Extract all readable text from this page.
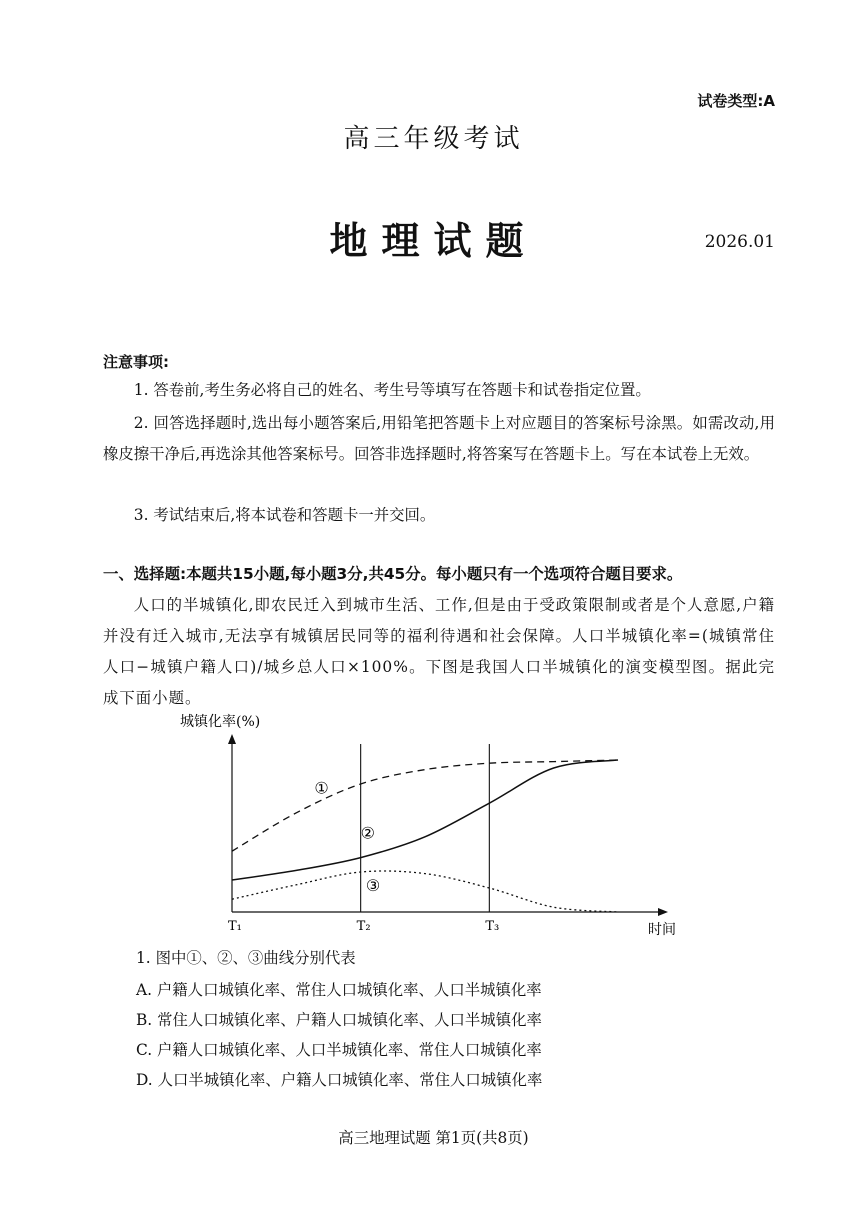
试卷类型:A
高三年级考试
地理试题	2026.01
注意事项:

1. 答卷前,考生务必将自己的姓名、考生号等填写在答题卡和试卷指定位置。

2. 回答选择题时,选出每小题答案后,用铅笔把答题卡上对应题目的答案标号涂黑。如需改动,用橡皮擦干净后,再选涂其他答案标号。回答非选择题时,将答案写在答题卡上。写在本试卷上无效。

3. 考试结束后,将本试卷和答题卡一并交回。

一、选择题:本题共15小题,每小题3分,共45分。每小题只有一个选项符合题目要求。

人口的半城镇化,即农民迁入到城市生活、工作,但是由于受政策限制或者是个人意愿,户籍并没有迁入城市,无法享有城镇居民同等的福利待遇和社会保障。人口半城镇化率=(城镇常住人口−城镇户籍人口)/城乡总人口×100%。下图是我国人口半城镇化的演变模型图。据此完成下面小题。

城镇化率(%)
①
②
③
T₁	T₂	T₃	时间
1. 图中①、②、③曲线分别代表
A. 户籍人口城镇化率、常住人口城镇化率、人口半城镇化率
B. 常住人口城镇化率、户籍人口城镇化率、人口半城镇化率
C. 户籍人口城镇化率、人口半城镇化率、常住人口城镇化率
D. 人口半城镇化率、户籍人口城镇化率、常住人口城镇化率
高三地理试题 第1页(共8页)
